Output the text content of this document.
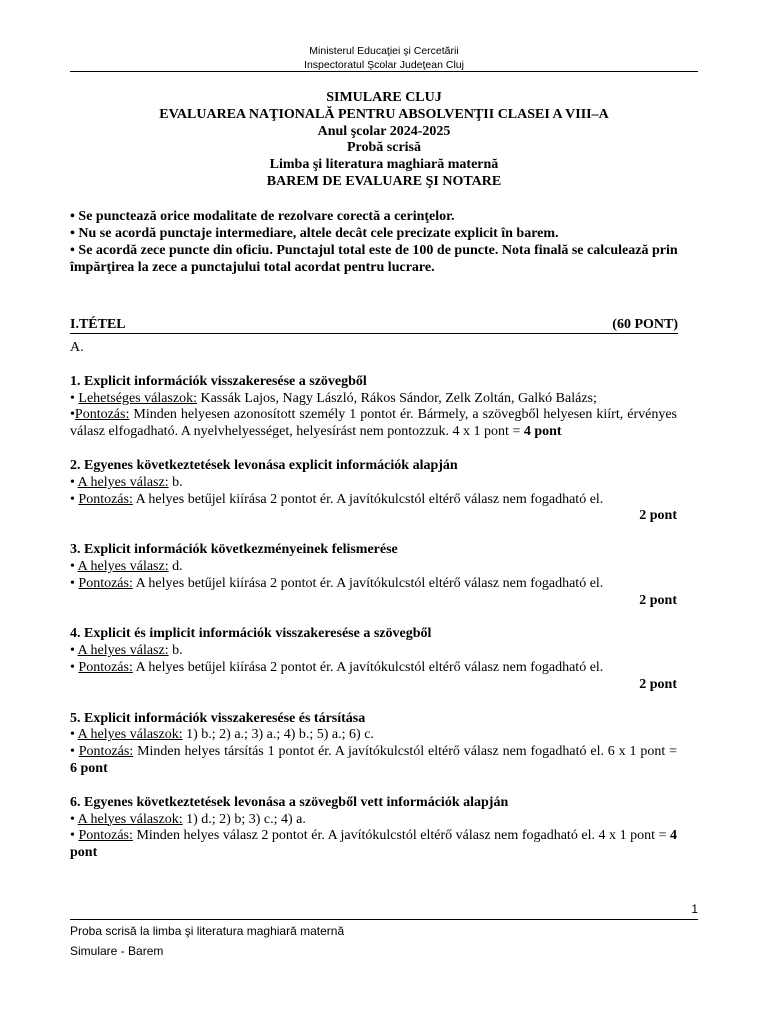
Ministerul Educaţiei şi Cercetării
Inspectoratul Şcolar Judeţean Cluj
SIMULARE CLUJ
EVALUAREA NAŢIONALĂ PENTRU ABSOLVENŢII CLASEI A VIII–A
Anul şcolar 2024-2025
Probă scrisă
Limba şi literatura maghiară maternă
BAREM DE EVALUARE ŞI NOTARE

• Se punctează orice modalitate de rezolvare corectă a cerinţelor.

• Nu se acordă punctaje intermediare, altele decât cele precizate explicit în barem.

• Se acordă zece puncte din oficiu. Punctajul total este de 100 de puncte. Nota finală se calculează prin împărţirea la zece a punctajului total acordat pentru lucrare.

I.TÉTEL	(60 PONT)

A.

1. Explicit információk visszakeresése a szövegből

• Lehetséges válaszok: Kassák Lajos, Nagy László, Rákos Sándor, Zelk Zoltán, Galkó Balázs;

•Pontozás: Minden helyesen azonosított személy 1 pontot ér. Bármely, a szövegből helyesen kiírt, érvényes válasz elfogadható. A nyelvhelyességet, helyesírást nem pontozzuk. 4 x 1 pont = 4 pont

2. Egyenes következtetések levonása explicit információk alapján

• A helyes válasz: b.

• Pontozás: A helyes betűjel kiírása 2 pontot ér. A javítókulcstól eltérő válasz nem fogadható el.

2 pont

3. Explicit információk következményeinek felismerése

• A helyes válasz: d.

• Pontozás: A helyes betűjel kiírása 2 pontot ér. A javítókulcstól eltérő válasz nem fogadható el.

2 pont

4. Explicit és implicit információk visszakeresése a szövegből

• A helyes válasz: b.

• Pontozás: A helyes betűjel kiírása 2 pontot ér. A javítókulcstól eltérő válasz nem fogadható el.

2 pont

5. Explicit információk visszakeresése és társítása

• A helyes válaszok: 1) b.; 2) a.; 3) a.; 4) b.; 5) a.; 6) c.

• Pontozás: Minden helyes társítás 1 pontot ér. A javítókulcstól eltérő válasz nem fogadható el. 6 x 1 pont = 6 pont

6. Egyenes következtetések levonása a szövegből vett információk alapján

• A helyes válaszok: 1) d.; 2) b; 3) c.; 4) a.

• Pontozás: Minden helyes válasz 2 pontot ér. A javítókulcstól eltérő válasz nem fogadható el. 4 x 1 pont = 4 pont

1
Proba scrisă la limba şi literatura maghiară maternă
Simulare - Barem
